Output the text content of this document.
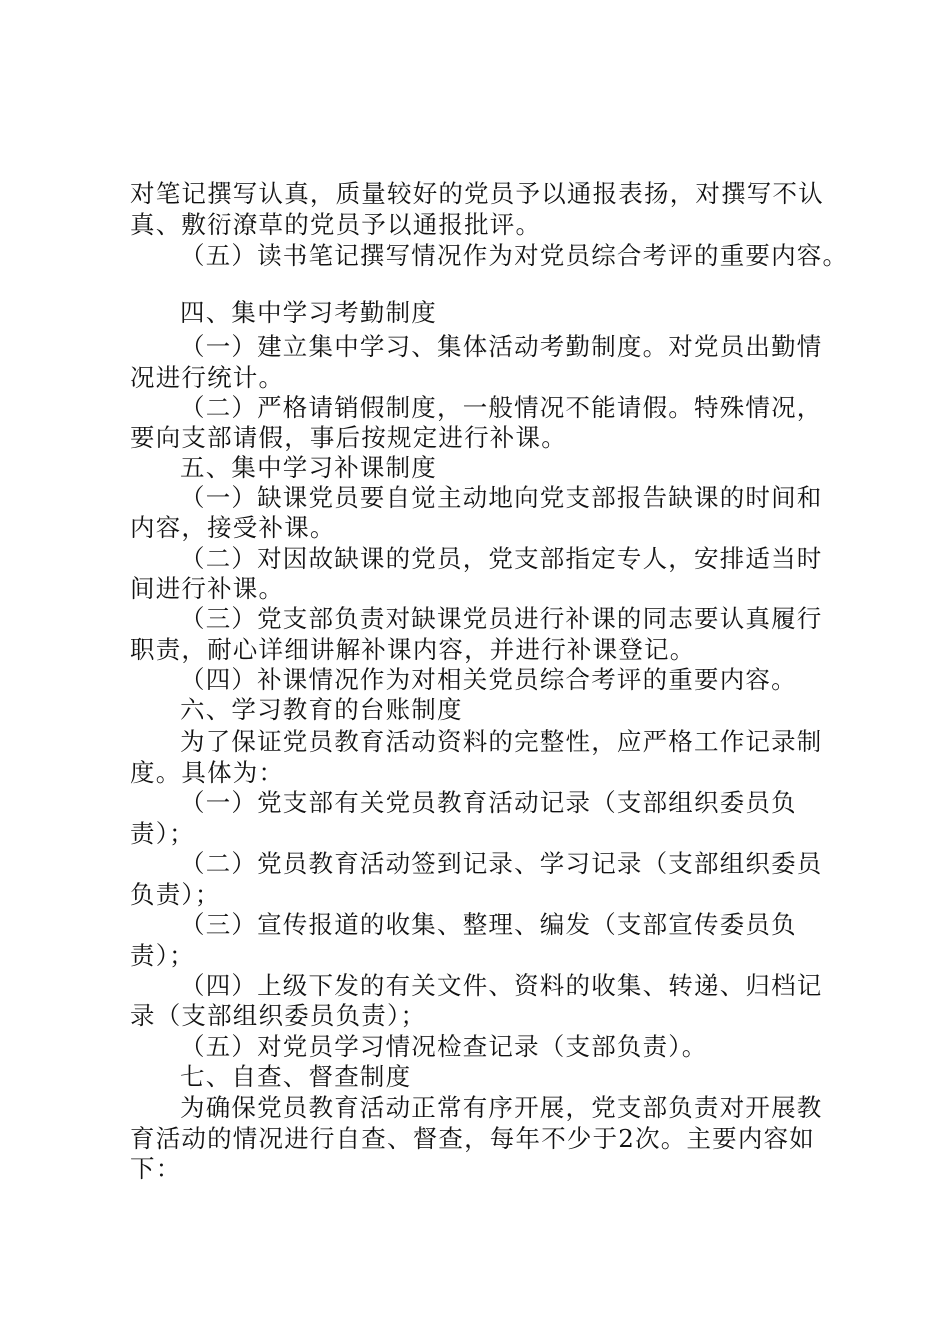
对笔记撰写认真，质量较好的党员予以通报表扬，对撰写不认
真、敷衍潦草的党员予以通报批评。
（五）读书笔记撰写情况作为对党员综合考评的重要内容。
四、集中学习考勤制度
（一）建立集中学习、集体活动考勤制度。对党员出勤情
况进行统计。
（二）严格请销假制度，一般情况不能请假。特殊情况，
要向支部请假，事后按规定进行补课。
五、集中学习补课制度
（一）缺课党员要自觉主动地向党支部报告缺课的时间和
内容，接受补课。
（二）对因故缺课的党员，党支部指定专人，安排适当时
间进行补课。
（三）党支部负责对缺课党员进行补课的同志要认真履行
职责，耐心详细讲解补课内容，并进行补课登记。
（四）补课情况作为对相关党员综合考评的重要内容。
六、学习教育的台账制度
为了保证党员教育活动资料的完整性，应严格工作记录制
度。具体为：
（一）党支部有关党员教育活动记录（支部组织委员负
责）；
（二）党员教育活动签到记录、学习记录（支部组织委员
负责）；
（三）宣传报道的收集、整理、编发（支部宣传委员负
责）；
（四）上级下发的有关文件、资料的收集、转递、归档记
录（支部组织委员负责）；
（五）对党员学习情况检查记录（支部负责）。
七、自查、督查制度
为确保党员教育活动正常有序开展，党支部负责对开展教
育活动的情况进行自查、督查，每年不少于2次。主要内容如
下：
